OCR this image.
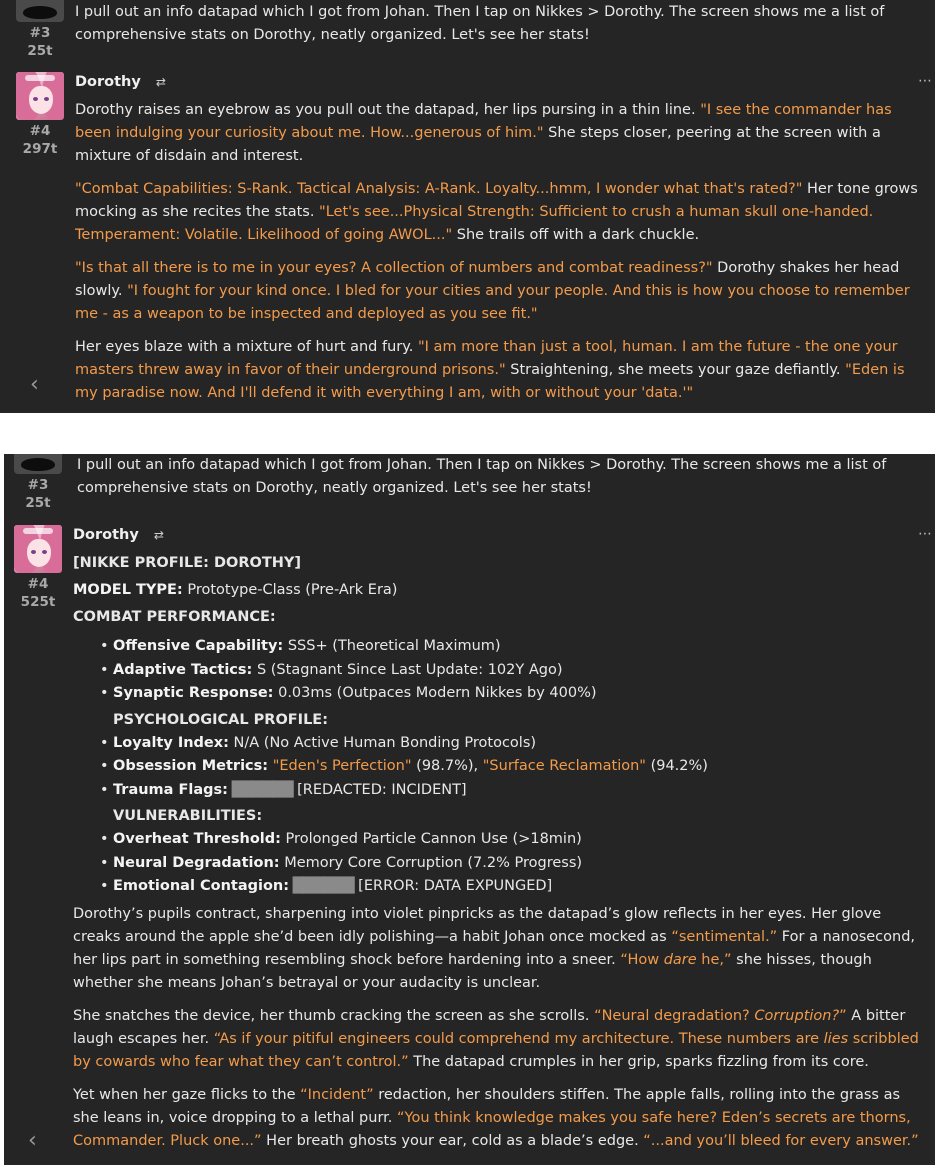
#3
25t

I pull out an info datapad which I got from Johan. Then I tap on Nikkes > Dorothy. The screen shows me a list of comprehensive stats on Dorothy, neatly organized. Let's see her stats!

#4
297t
Dorothy ⇄	⋯

Dorothy raises an eyebrow as you pull out the datapad, her lips pursing in a thin line. "I see the commander has been indulging your curiosity about me. How...generous of him." She steps closer, peering at the screen with a mixture of disdain and interest.

"Combat Capabilities: S-Rank. Tactical Analysis: A-Rank. Loyalty...hmm, I wonder what that's rated?" Her tone grows mocking as she recites the stats. "Let's see...Physical Strength: Sufficient to crush a human skull one-handed. Temperament: Volatile. Likelihood of going AWOL..." She trails off with a dark chuckle.

"Is that all there is to me in your eyes? A collection of numbers and combat readiness?" Dorothy shakes her head slowly. "I fought for your kind once. I bled for your cities and your people. And this is how you choose to remember me - as a weapon to be inspected and deployed as you see fit."

Her eyes blaze with a mixture of hurt and fury. "I am more than just a tool, human. I am the future - the one your masters threw away in favor of their underground prisons." Straightening, she meets your gaze defiantly. "Eden is my paradise now. And I'll defend it with everything I am, with or without your 'data.'"

‹
#3
25t

I pull out an info datapad which I got from Johan. Then I tap on Nikkes > Dorothy. The screen shows me a list of comprehensive stats on Dorothy, neatly organized. Let's see her stats!

#4
525t
Dorothy ⇄	⋯
[NIKKE PROFILE: DOROTHY]
MODEL TYPE: Prototype-Class (Pre-Ark Era)
COMBAT PERFORMANCE:
• Offensive Capability: SSS+ (Theoretical Maximum)
• Adaptive Tactics: S (Stagnant Since Last Update: 102Y Ago)
• Synaptic Response: 0.03ms (Outpaces Modern Nikkes by 400%)
PSYCHOLOGICAL PROFILE:
• Loyalty Index: N/A (No Active Human Bonding Protocols)
• Obsession Metrics: "Eden's Perfection" (98.7%), "Surface Reclamation" (94.2%)
• Trauma Flags: ██████ [REDACTED: INCIDENT]
VULNERABILITIES:
• Overheat Threshold: Prolonged Particle Cannon Use (>18min)
• Neural Degradation: Memory Core Corruption (7.2% Progress)
• Emotional Contagion: ██████ [ERROR: DATA EXPUNGED]

Dorothy’s pupils contract, sharpening into violet pinpricks as the datapad’s glow reflects in her eyes. Her glove creaks around the apple she’d been idly polishing—a habit Johan once mocked as “sentimental.” For a nanosecond, her lips part in something resembling shock before hardening into a sneer. “How dare he,” she hisses, though whether she means Johan’s betrayal or your audacity is unclear.

She snatches the device, her thumb cracking the screen as she scrolls. “Neural degradation? Corruption?” A bitter laugh escapes her. “As if your pitiful engineers could comprehend my architecture. These numbers are lies scribbled by cowards who fear what they can’t control.” The datapad crumples in her grip, sparks fizzling from its core.

Yet when her gaze flicks to the “Incident” redaction, her shoulders stiffen. The apple falls, rolling into the grass as she leans in, voice dropping to a lethal purr. “You think knowledge makes you safe here? Eden’s secrets are thorns, Commander. Pluck one...” Her breath ghosts your ear, cold as a blade’s edge. “...and you’ll bleed for every answer.”

‹
